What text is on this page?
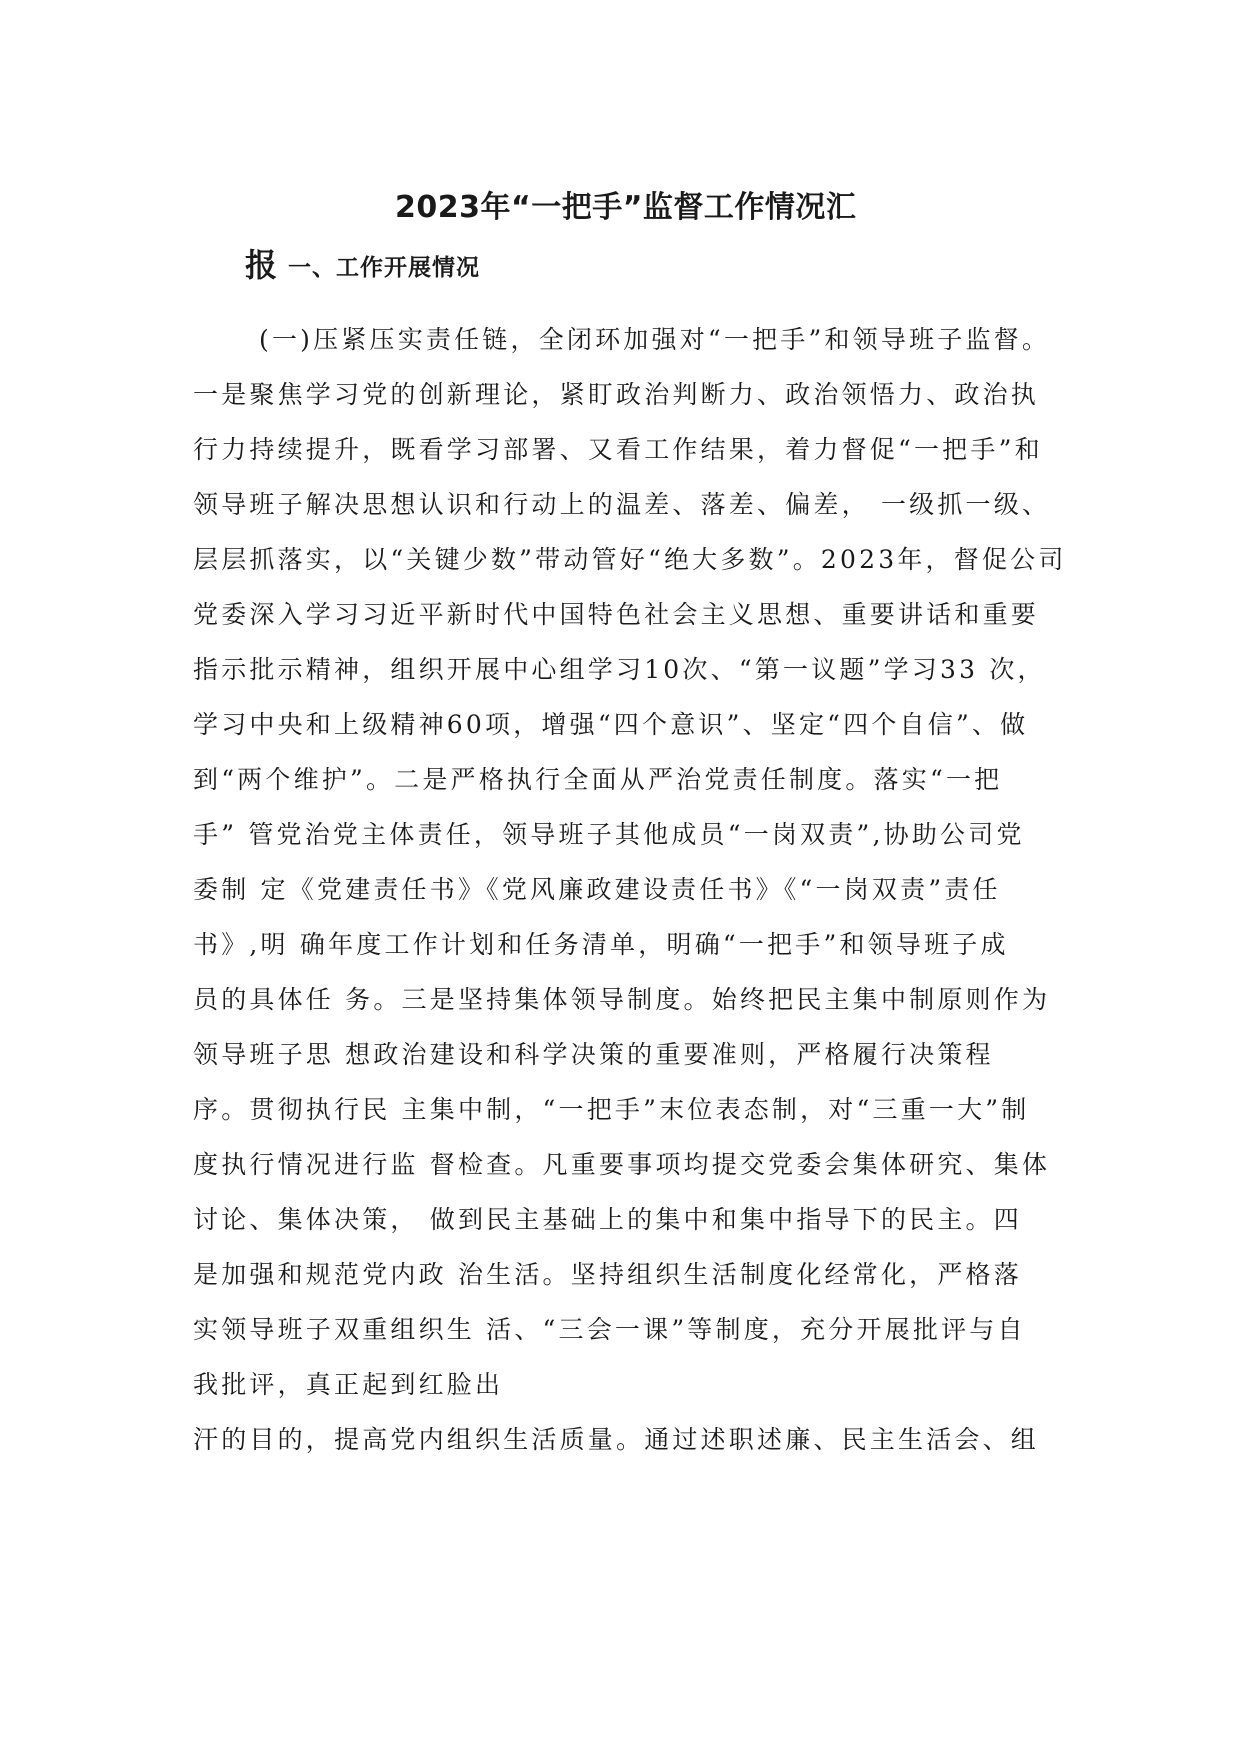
2023年“一把手”监督工作情况汇
报 一、工作开展情况
(一)压紧压实责任链，全闭环加强对“一把手”和领导班子监督。
一是聚焦学习党的创新理论，紧盯政治判断力、政治领悟力、政治执
行力持续提升，既看学习部署、又看工作结果，着力督促“一把手”和
领导班子解决思想认识和行动上的温差、落差、偏差， 一级抓一级、
层层抓落实，以“关键少数”带动管好“绝大多数”。2023年，督促公司
党委深入学习习近平新时代中国特色社会主义思想、重要讲话和重要
指示批示精神，组织开展中心组学习10次、“第一议题”学习33 次，
学习中央和上级精神60项，增强“四个意识”、坚定“四个自信”、做
到“两个维护”。二是严格执行全面从严治党责任制度。落实“一把
手” 管党治党主体责任，领导班子其他成员“一岗双责”,协助公司党
委制 定《党建责任书》《党风廉政建设责任书》《“一岗双责”责任
书》,明 确年度工作计划和任务清单，明确“一把手”和领导班子成
员的具体任 务。三是坚持集体领导制度。始终把民主集中制原则作为
领导班子思 想政治建设和科学决策的重要准则，严格履行决策程
序。贯彻执行民 主集中制，“一把手”末位表态制，对“三重一大”制
度执行情况进行监 督检查。凡重要事项均提交党委会集体研究、集体
讨论、集体决策， 做到民主基础上的集中和集中指导下的民主。四
是加强和规范党内政 治生活。坚持组织生活制度化经常化，严格落
实领导班子双重组织生 活、“三会一课”等制度，充分开展批评与自
我批评，真正起到红脸出
汗的目的，提高党内组织生活质量。通过述职述廉、民主生活会、组
